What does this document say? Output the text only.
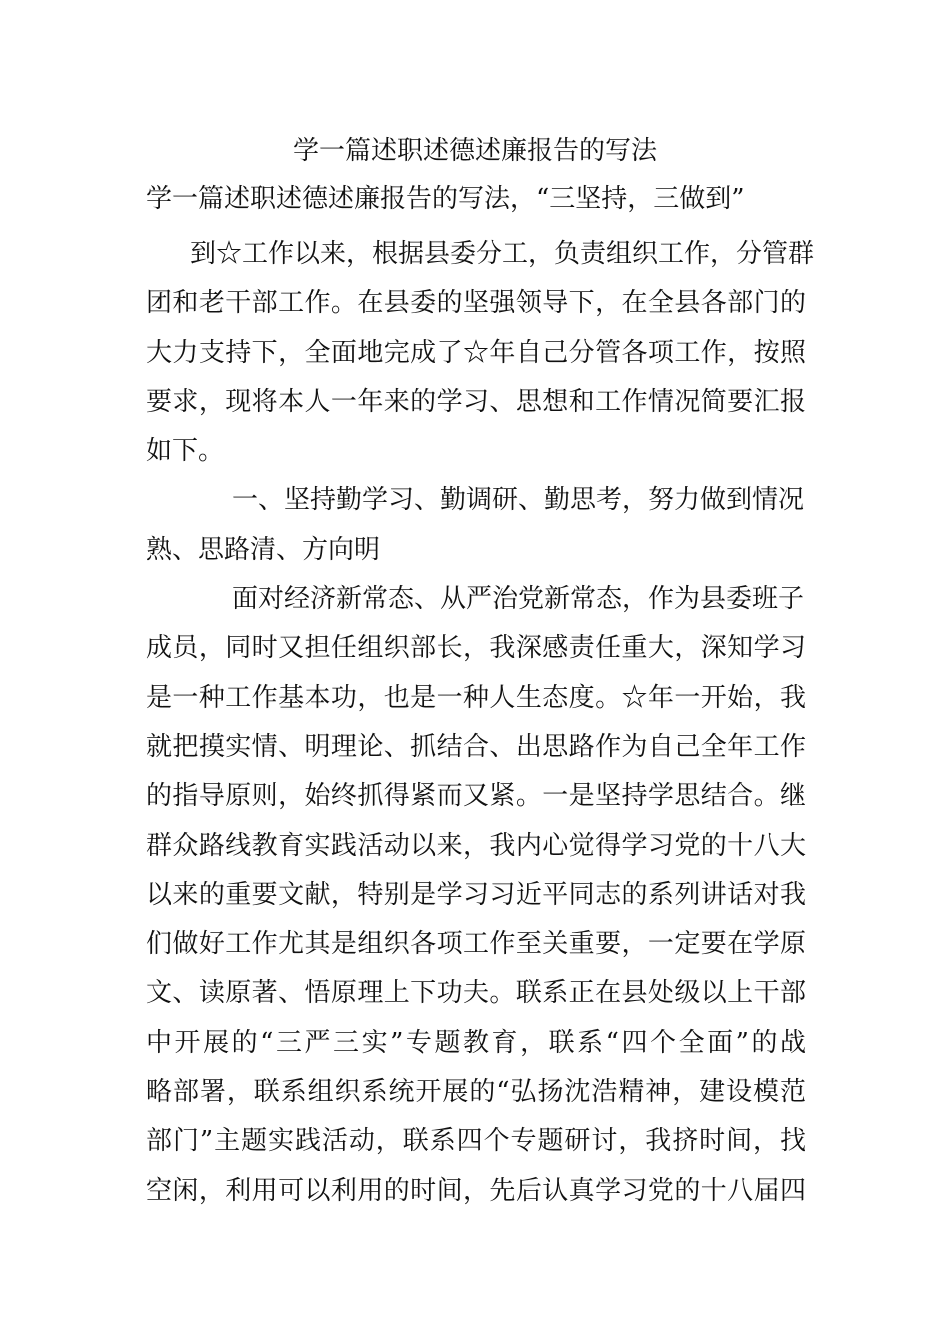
学一篇述职述德述廉报告的写法
学一篇述职述德述廉报告的写法，“三坚持，三做到”
到☆工作以来，根据县委分工，负责组织工作，分管群
团和老干部工作。在县委的坚强领导下，在全县各部门的
大力支持下，全面地完成了☆年自己分管各项工作，按照
要求，现将本人一年来的学习、思想和工作情况简要汇报
如下。
一、坚持勤学习、勤调研、勤思考，努力做到情况
熟、思路清、方向明
面对经济新常态、从严治党新常态，作为县委班子
成员，同时又担任组织部长，我深感责任重大，深知学习
是一种工作基本功，也是一种人生态度。☆年一开始，我
就把摸实情、明理论、抓结合、出思路作为自己全年工作
的指导原则，始终抓得紧而又紧。一是坚持学思结合。继
群众路线教育实践活动以来，我内心觉得学习党的十八大
以来的重要文献，特别是学习习近平同志的系列讲话对我
们做好工作尤其是组织各项工作至关重要，一定要在学原
文、读原著、悟原理上下功夫。联系正在县处级以上干部
中开展的“三严三实”专题教育，联系“四个全面”的战
略部署，联系组织系统开展的“弘扬沈浩精神，建设模范
部门”主题实践活动，联系四个专题研讨，我挤时间，找
空闲，利用可以利用的时间，先后认真学习党的十八届四
